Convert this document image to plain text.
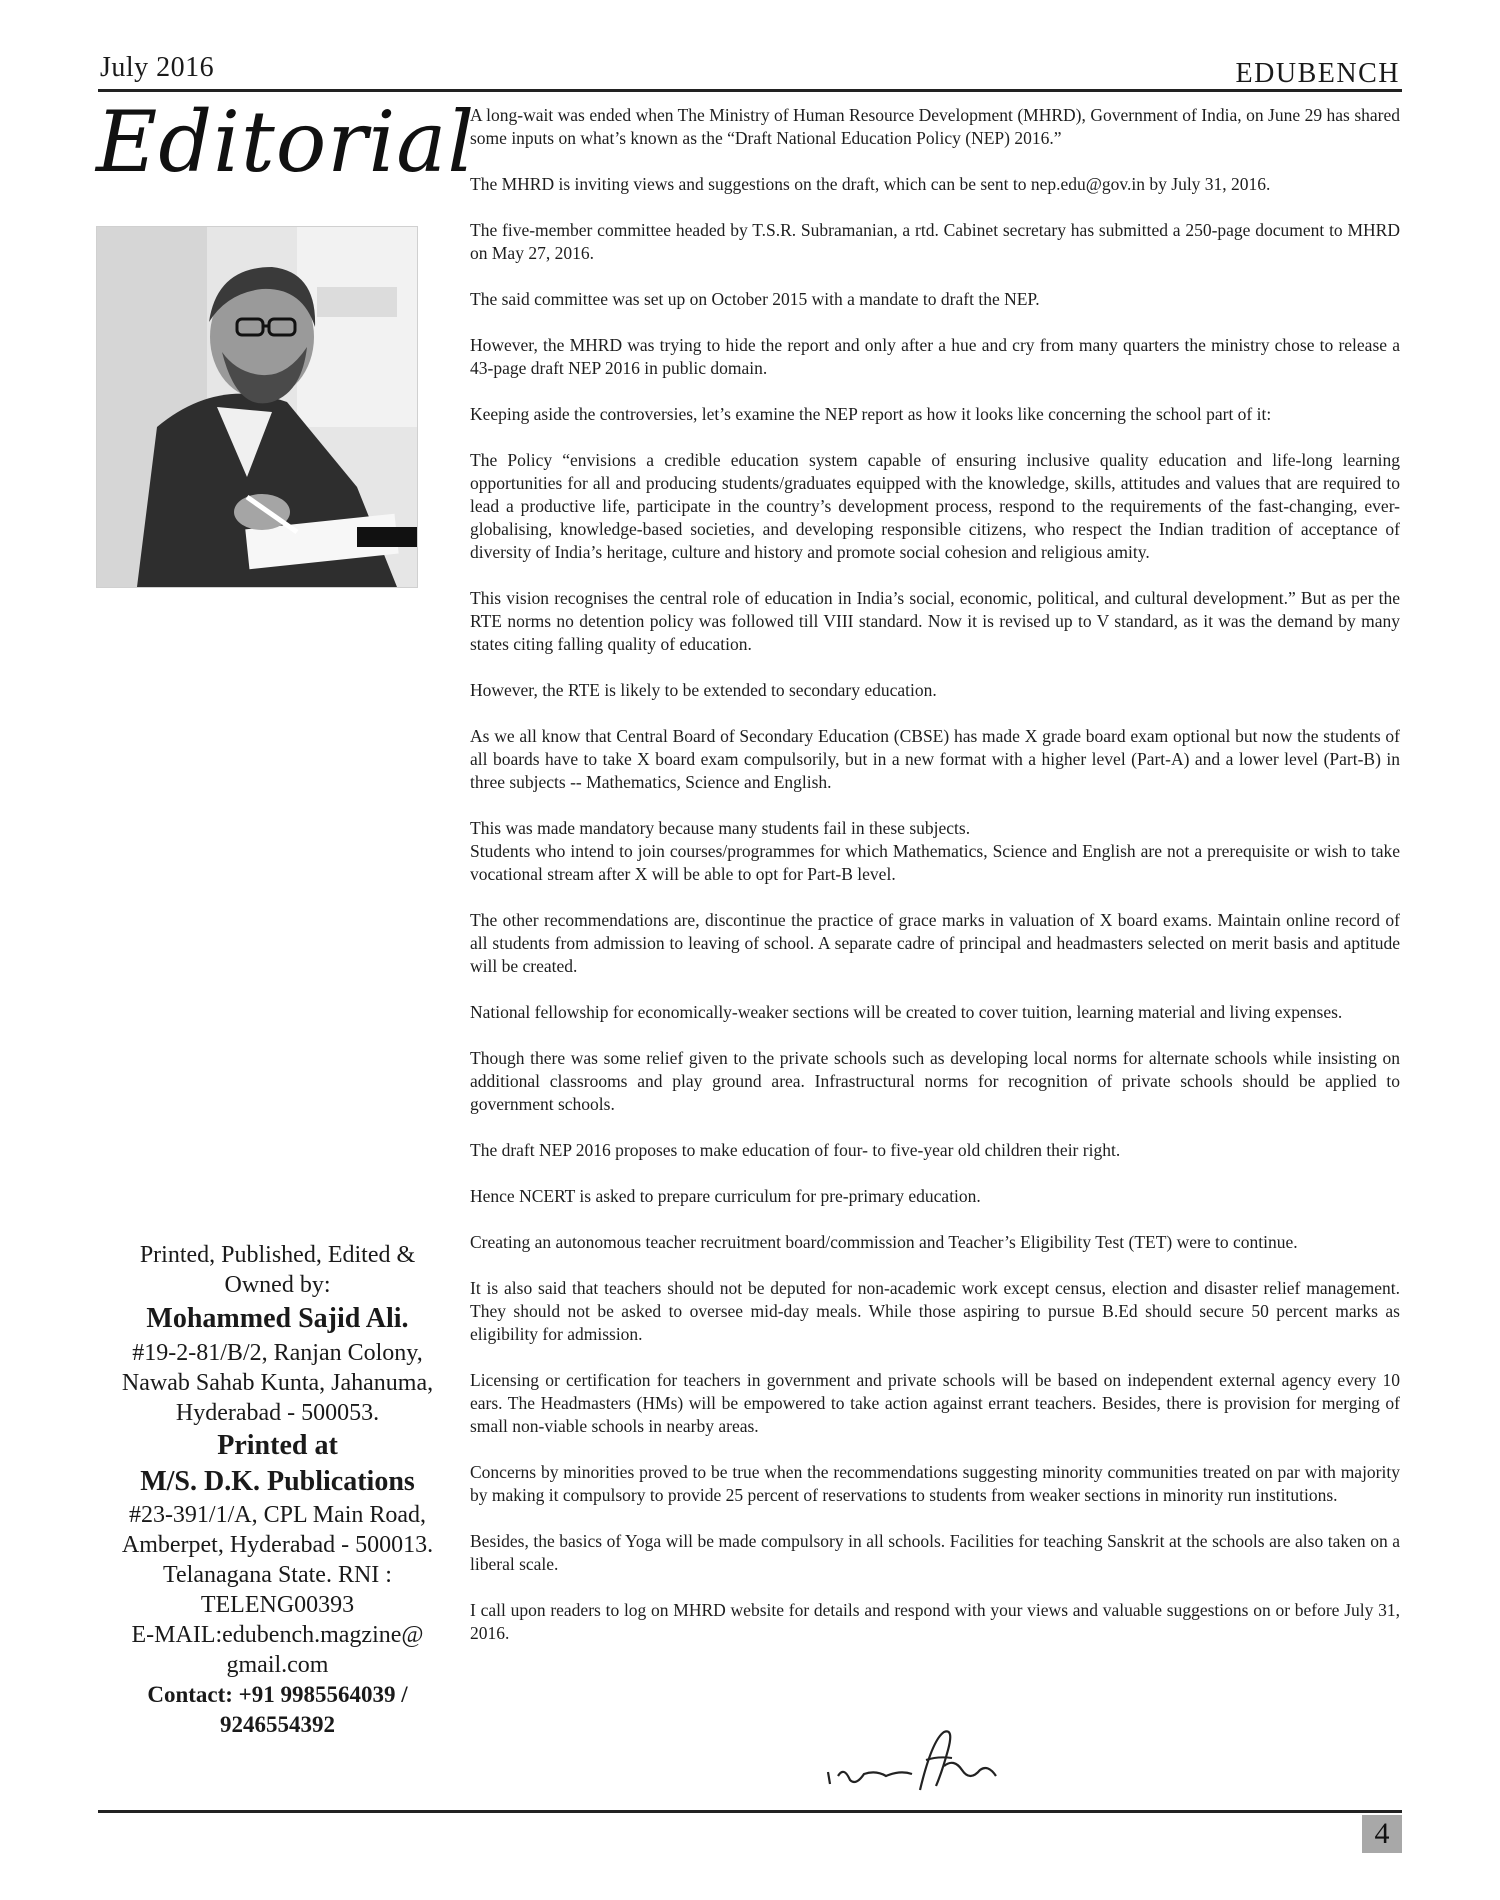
July 2016	EDUBENCH
Editorial

A long-wait was ended when The Ministry of Human Resource Development (MHRD), Government of India, on June 29 has shared some inputs on what’s known as the “Draft National Education Policy (NEP) 2016.”

The MHRD is inviting views and suggestions on the draft, which can be sent to nep.edu@gov.in by July 31, 2016.

The five-member committee headed by T.S.R. Subramanian, a rtd. Cabinet secretary has submitted a 250-page document to MHRD on May 27, 2016.

The said committee was set up on October 2015 with a mandate to draft the NEP.

However, the MHRD was trying to hide the report and only after a hue and cry from many quarters the ministry chose to release a 43-page draft NEP 2016 in public domain.

Keeping aside the controversies, let’s examine the NEP report as how it looks like concerning the school part of it:

The Policy “envisions a credible education system capable of ensuring inclusive quality education and life-long learning opportunities for all and producing students/graduates equipped with the knowledge, skills, attitudes and values that are required to lead a productive life, participate in the country’s development process, respond to the requirements of the fast-changing, ever-globalising, knowledge-based societies, and developing responsible citizens, who respect the Indian tradition of acceptance of diversity of India’s heritage, culture and history and promote social cohesion and religious amity.

This vision recognises the central role of education in India’s social, economic, political, and cultural development.” But as per the RTE norms no detention policy was followed till VIII standard. Now it is revised up to V standard, as it was the demand by many states citing falling quality of education.

However, the RTE is likely to be extended to secondary education.

As we all know that Central Board of Secondary Education (CBSE) has made X grade board exam optional but now the students of all boards have to take X board exam compulsorily, but in a new format with a higher level (Part-A) and a lower level (Part-B) in three subjects -- Mathematics, Science and English.

This was made mandatory because many students fail in these subjects.
Students who intend to join courses/programmes for which Mathematics, Science and English are not a prerequisite or wish to take vocational stream after X will be able to opt for Part-B level.

The other recommendations are, discontinue the practice of grace marks in valuation of X board exams. Maintain online record of all students from admission to leaving of school. A separate cadre of principal and headmasters selected on merit basis and aptitude will be created.

National fellowship for economically-weaker sections will be created to cover tuition, learning material and living expenses.

Though there was some relief given to the private schools such as developing local norms for alternate schools while insisting on additional classrooms and play ground area. Infrastructural norms for recognition of private schools should be applied to government schools.

The draft NEP 2016 proposes to make education of four- to five-year old children their right.

Hence NCERT is asked to prepare curriculum for pre-primary education.

Creating an autonomous teacher recruitment board/commission and Teacher’s Eligibility Test (TET) were to continue.

It is also said that teachers should not be deputed for non-academic work except census, election and disaster relief management. They should not be asked to oversee mid-day meals. While those aspiring to pursue B.Ed should secure 50 percent marks as eligibility for admission.

Licensing or certification for teachers in government and private schools will be based on independent external agency every 10 ears. The Headmasters (HMs) will be empowered to take action against errant teachers. Besides, there is provision for merging of small non-viable schools in nearby areas.

Concerns by minorities proved to be true when the recommendations suggesting minority communities treated on par with majority by making it compulsory to provide 25 percent of reservations to students from weaker sections in minority run institutions.

Besides, the basics of Yoga will be made compulsory in all schools. Facilities for teaching Sanskrit at the schools are also taken on a liberal scale.

I call upon readers to log on MHRD website for details and respond with your views and valuable suggestions on or before July 31, 2016.

Printed, Published, Edited &
Owned by:
Mohammed Sajid Ali.
#19-2-81/B/2, Ranjan Colony,
Nawab Sahab Kunta, Jahanuma,
Hyderabad - 500053.
Printed at
M/S. D.K. Publications
#23-391/1/A, CPL Main Road,
Amberpet, Hyderabad - 500013.
Telanagana State. RNI :
TELENG00393
E-MAIL:edubench.magzine@
gmail.com
Contact: +91 9985564039 /
9246554392
4
